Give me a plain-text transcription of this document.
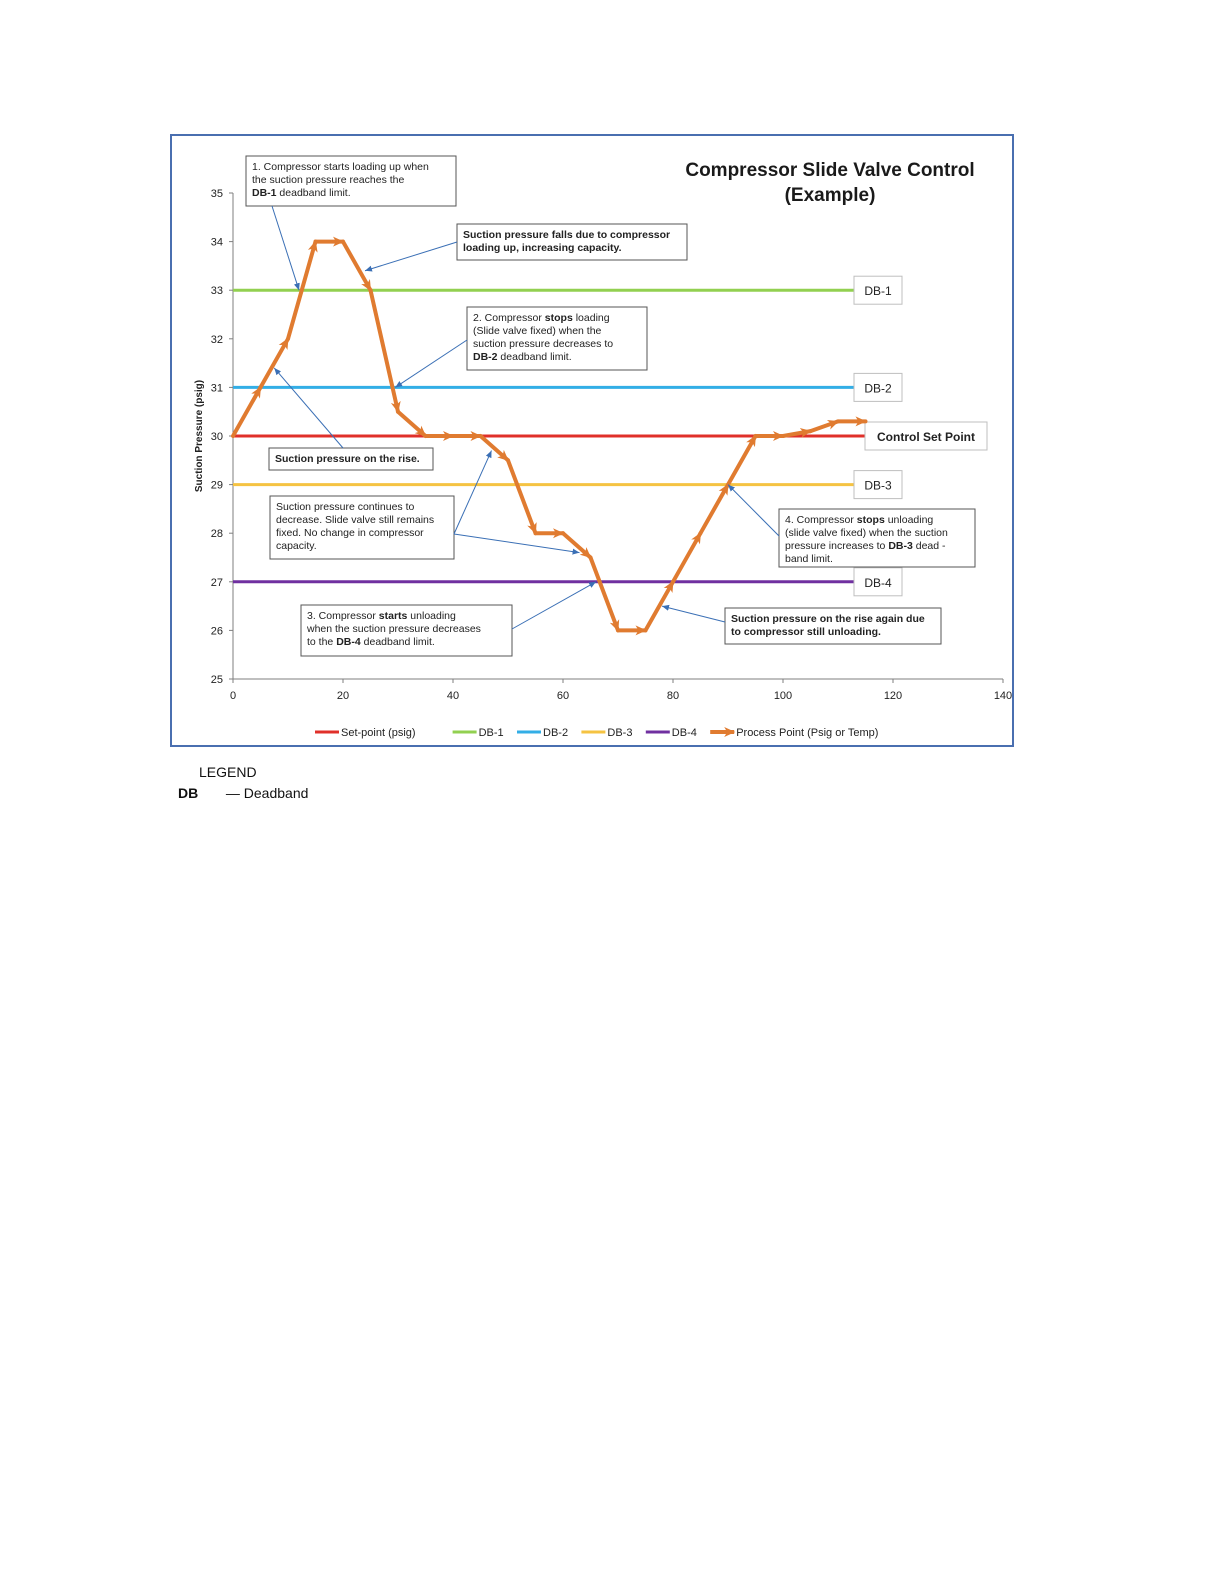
25
26
27
28
29
30
31
32
33
34
35
0	20	40	60	80	100	120	140
Suction Pressure (psig)
Compressor Slide Valve Control
(Example)
DB-1
DB-2
Control Set Point
DB-3
DB-4
1. Compressor starts loading up when
the suction pressure reaches the
DB-1 deadband limit.
Suction pressure falls due to compressor
loading up, increasing capacity.
2. Compressor stops loading
(Slide valve fixed) when the
suction pressure decreases to
DB-2 deadband limit.
Suction pressure on the rise.
Suction pressure continues to
decrease. Slide valve still remains
fixed. No change in compressor
capacity.
4. Compressor stops unloading
(slide valve fixed) when the suction
pressure increases to DB-3 dead -
band limit.
3. Compressor starts unloading
when the suction pressure decreases
to the DB-4 deadband limit.
Suction pressure on the rise again due
to compressor still unloading.
Set-point (psig)	DB-1	DB-2	DB-3	DB-4	Process Point (Psig or Temp)
LEGEND
DB — Deadband
